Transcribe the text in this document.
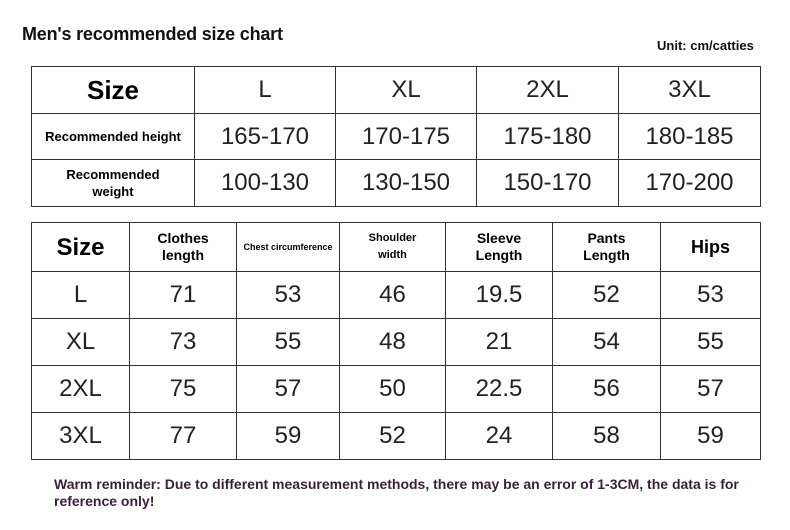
Men's recommended size chart
Unit: cm/catties
Size	L	XL	2XL	3XL
Recommended height	165-170	170-175	175-180	180-185
Recommended weight	100-130	130-150	150-170	170-200
Size	Clothes length	Chest circumference	Shoulder width	Sleeve Length	Pants Length	Hips
L	71	53	46	19.5	52	53
XL	73	55	48	21	54	55
2XL	75	57	50	22.5	56	57
3XL	77	59	52	24	58	59
Warm reminder: Due to different measurement methods, there may be an error of 1-3CM, the data is for reference only!
